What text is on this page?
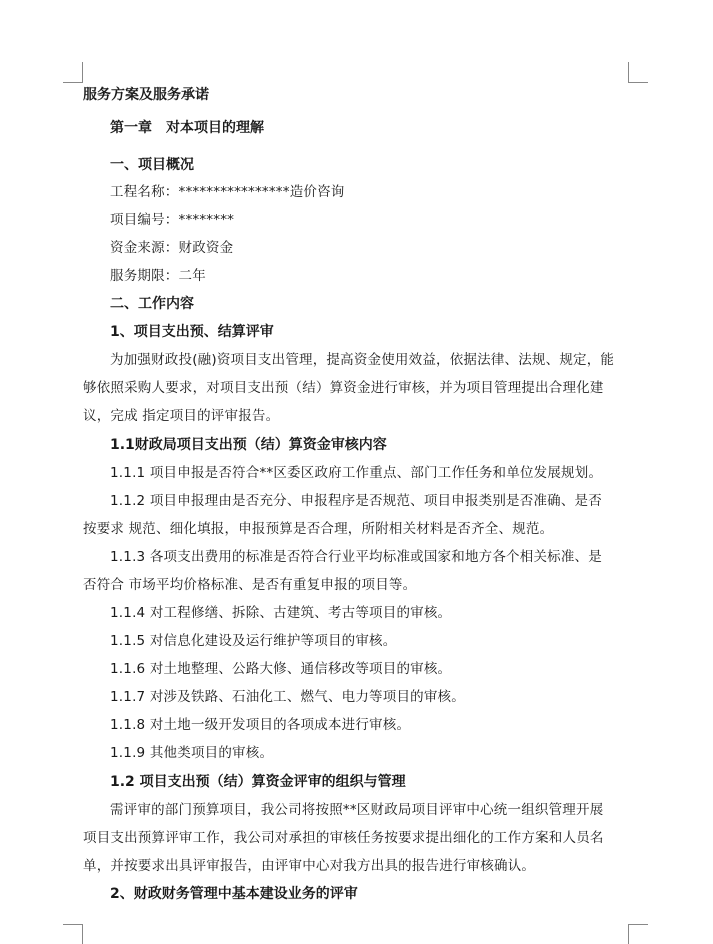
服务方案及服务承诺
第一章　对本项目的理解
一、项目概况
工程名称：****************造价咨询
项目编号：********
资金来源：财政资金
服务期限：二年
二、工作内容
1、项目支出预、结算评审
为加强财政投(融)资项目支出管理，提高资金使用效益，依据法律、法规、规定，能
够依照采购人要求，对项目支出预（结）算资金进行审核，并为项目管理提出合理化建
议，完成 指定项目的评审报告。
1.1财政局项目支出预（结）算资金审核内容
1.1.1 项目申报是否符合**区委区政府工作重点、部门工作任务和单位发展规划。
1.1.2 项目申报理由是否充分、申报程序是否规范、项目申报类别是否准确、是否
按要求 规范、细化填报，申报预算是否合理，所附相关材料是否齐全、规范。
1.1.3 各项支出费用的标准是否符合行业平均标准或国家和地方各个相关标准、是
否符合 市场平均价格标准、是否有重复申报的项目等。
1.1.4 对工程修缮、拆除、古建筑、考古等项目的审核。
1.1.5 对信息化建设及运行维护等项目的审核。
1.1.6 对土地整理、公路大修、通信移改等项目的审核。
1.1.7 对涉及铁路、石油化工、燃气、电力等项目的审核。
1.1.8 对土地一级开发项目的各项成本进行审核。
1.1.9 其他类项目的审核。
1.2 项目支出预（结）算资金评审的组织与管理
需评审的部门预算项目，我公司将按照**区财政局项目评审中心统一组织管理开展
项目支出预算评审工作，我公司对承担的审核任务按要求提出细化的工作方案和人员名
单，并按要求出具评审报告，由评审中心对我方出具的报告进行审核确认。
2、财政财务管理中基本建设业务的评审
